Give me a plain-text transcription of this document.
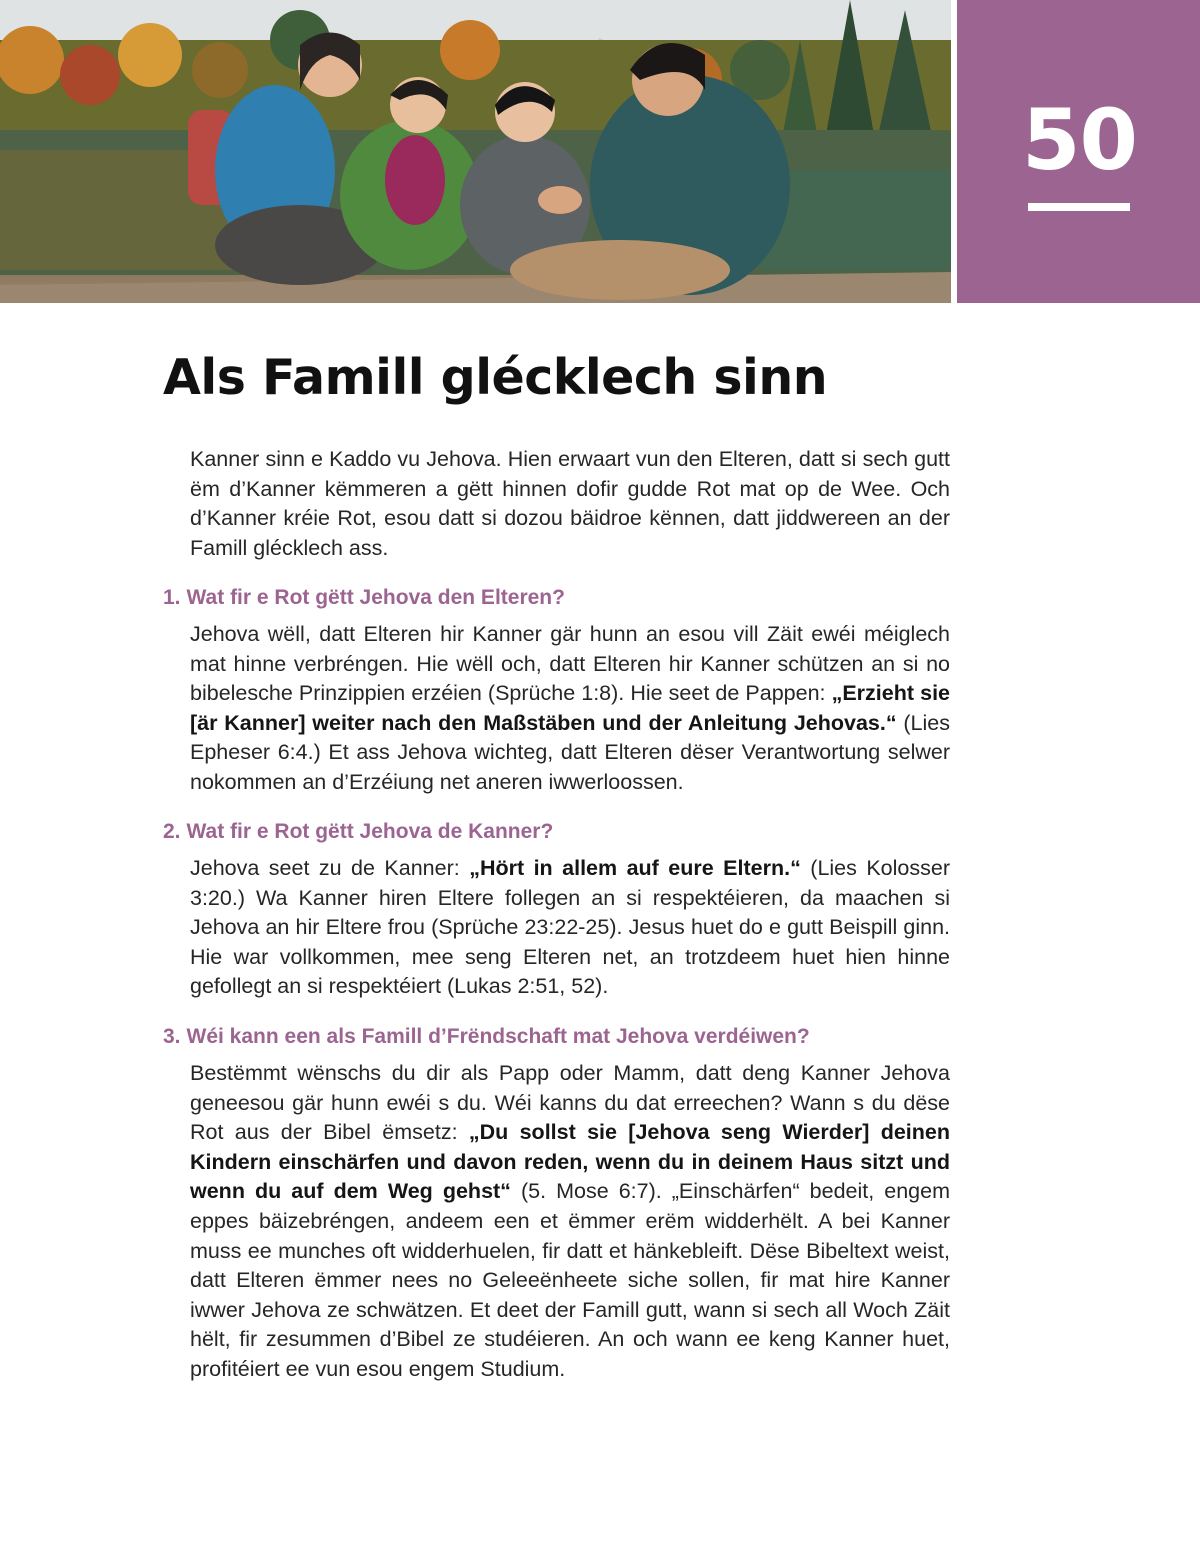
50
Als Famill glécklech sinn

Kanner sinn e Kaddo vu Jehova. Hien erwaart vun den Elteren, datt si sech gutt ëm d’Kanner këmmeren a gëtt hinnen dofir gudde Rot mat op de Wee. Och d’Kanner kréie Rot, esou datt si dozou bäidroe kënnen, datt jiddwereen an der Famill glécklech ass.

1. Wat fir e Rot gëtt Jehova den Elteren?

Jehova wëll, datt Elteren hir Kanner gär hunn an esou vill Zäit ewéi méiglech mat hinne verbréngen. Hie wëll och, datt Elteren hir Kanner schützen an si no bibelesche Prinzippien erzéien (Sprüche 1:8). Hie seet de Pappen: „Erzieht sie [är Kanner] weiter nach den Maßstäben und der Anleitung Jehovas.“ (Lies Epheser 6:4.) Et ass Jehova wichteg, datt Elteren dëser Verantwortung selwer nokommen an d’Erzéiung net aneren iwwerloossen.

2. Wat fir e Rot gëtt Jehova de Kanner?

Jehova seet zu de Kanner: „Hört in allem auf eure Eltern.“ (Lies Kolosser 3:20.) Wa Kanner hiren Eltere follegen an si respektéieren, da maachen si Jehova an hir Eltere frou (Sprüche 23:22-25). Jesus huet do e gutt Beispill ginn. Hie war vollkommen, mee seng Elteren net, an trotzdeem huet hien hinne gefollegt an si respektéiert (Lukas 2:51, 52).

3. Wéi kann een als Famill d’Frëndschaft mat Jehova verdéiwen?

Bestëmmt wënschs du dir als Papp oder Mamm, datt deng Kanner Jehova geneesou gär hunn ewéi s du. Wéi kanns du dat erreechen? Wann s du dëse Rot aus der Bibel ëmsetz: „Du sollst sie [Jehova seng Wierder] deinen Kindern einschärfen und davon reden, wenn du in deinem Haus sitzt und wenn du auf dem Weg gehst“ (5. Mose 6:7). „Einschärfen“ bedeit, engem eppes bäizebréngen, andeem een et ëmmer erëm widderhëlt. A bei Kanner muss ee munches oft widderhuelen, fir datt et hänkebleift. Dëse Bibeltext weist, datt Elteren ëmmer nees no Geleeënheete siche sollen, fir mat hire Kanner iwwer Jehova ze schwätzen. Et deet der Famill gutt, wann si sech all Woch Zäit hëlt, fir zesummen d’Bibel ze studéieren. An och wann ee keng Kanner huet, profitéiert ee vun esou engem Studium.
